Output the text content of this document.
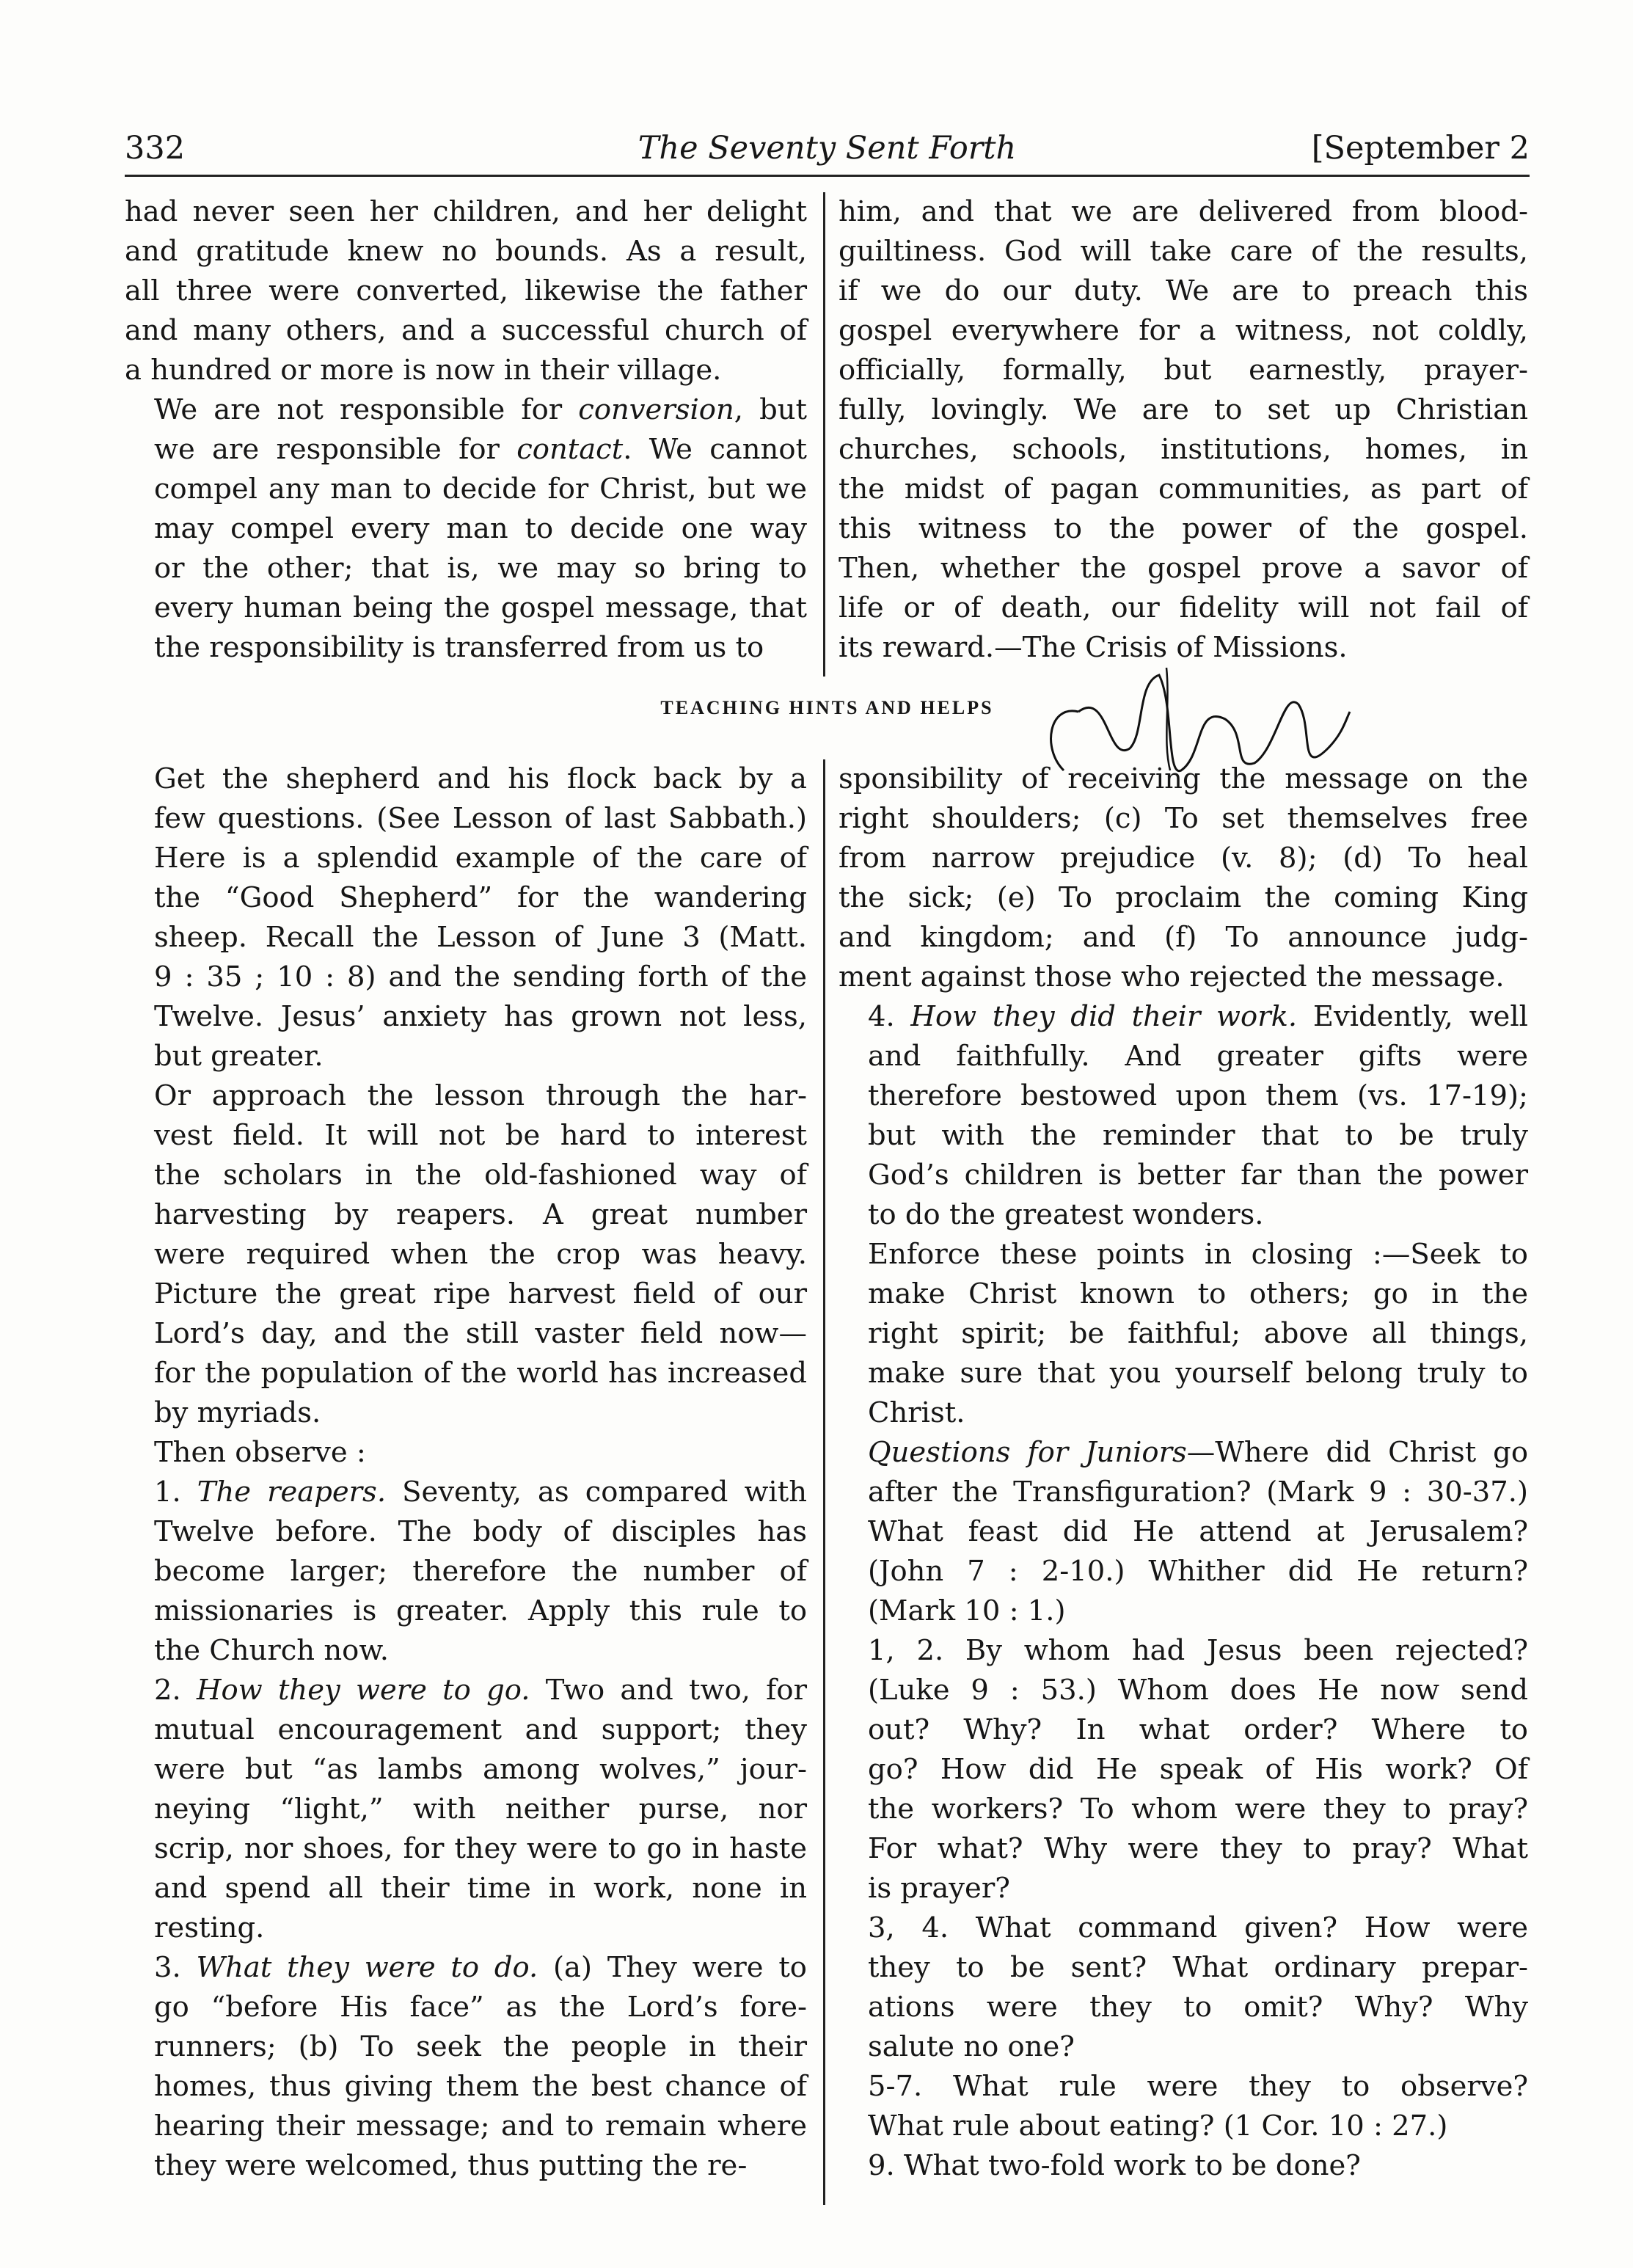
332	The Seventy Sent Forth	[September 2

had never seen her children, and her delight
and gratitude knew no bounds. As a result,
all three were converted, likewise the father
and many others, and a successful church of
a hundred or more is now in their village.

We are not responsible for conversion, but
we are responsible for contact. We cannot
compel any man to decide for Christ, but we
may compel every man to decide one way
or the other; that is, we may so bring to
every human being the gospel message, that
the responsibility is transferred from us to

him, and that we are delivered from blood-
guiltiness. God will take care of the results,
if we do our duty. We are to preach this
gospel everywhere for a witness, not coldly,
officially, formally, but earnestly, prayer-
fully, lovingly. We are to set up Christian
churches, schools, institutions, homes, in
the midst of pagan communities, as part of
this witness to the power of the gospel.
Then, whether the gospel prove a savor of
life or of death, our fidelity will not fail of
its reward.—The Crisis of Missions.

TEACHING HINTS AND HELPS

Get the shepherd and his flock back by a
few questions. (See Lesson of last Sabbath.)
Here is a splendid example of the care of
the “Good Shepherd” for the wandering
sheep. Recall the Lesson of June 3 (Matt.
9 : 35 ; 10 : 8) and the sending forth of the
Twelve. Jesus’ anxiety has grown not less,
but greater.

Or approach the lesson through the har-
vest field. It will not be hard to interest
the scholars in the old-fashioned way of
harvesting by reapers. A great number
were required when the crop was heavy.
Picture the great ripe harvest field of our
Lord’s day, and the still vaster field now—
for the population of the world has increased
by myriads.

Then observe :

1. The reapers. Seventy, as compared with
Twelve before. The body of disciples has
become larger; therefore the number of
missionaries is greater. Apply this rule to
the Church now.

2. How they were to go. Two and two, for
mutual encouragement and support; they
were but “as lambs among wolves,” jour-
neying “light,” with neither purse, nor
scrip, nor shoes, for they were to go in haste
and spend all their time in work, none in
resting.

3. What they were to do. (a) They were to
go “before His face” as the Lord’s fore-
runners; (b) To seek the people in their
homes, thus giving them the best chance of
hearing their message; and to remain where
they were welcomed, thus putting the re-

sponsibility of receiving the message on the
right shoulders; (c) To set themselves free
from narrow prejudice (v. 8); (d) To heal
the sick; (e) To proclaim the coming King
and kingdom; and (f) To announce judg-
ment against those who rejected the message.

4. How they did their work. Evidently, well
and faithfully. And greater gifts were
therefore bestowed upon them (vs. 17-19);
but with the reminder that to be truly
God’s children is better far than the power
to do the greatest wonders.

Enforce these points in closing :—Seek to
make Christ known to others; go in the
right spirit; be faithful; above all things,
make sure that you yourself belong truly to
Christ.

Questions for Juniors—Where did Christ go
after the Transfiguration? (Mark 9 : 30-37.)
What feast did He attend at Jerusalem?
(John 7 : 2-10.) Whither did He return?
(Mark 10 : 1.)

1, 2. By whom had Jesus been rejected?
(Luke 9 : 53.) Whom does He now send
out? Why? In what order? Where to
go? How did He speak of His work? Of
the workers? To whom were they to pray?
For what? Why were they to pray? What
is prayer?

3, 4. What command given? How were
they to be sent? What ordinary prepar-
ations were they to omit? Why? Why
salute no one?

5-7. What rule were they to observe?
What rule about eating? (1 Cor. 10 : 27.)

9. What two-fold work to be done?
